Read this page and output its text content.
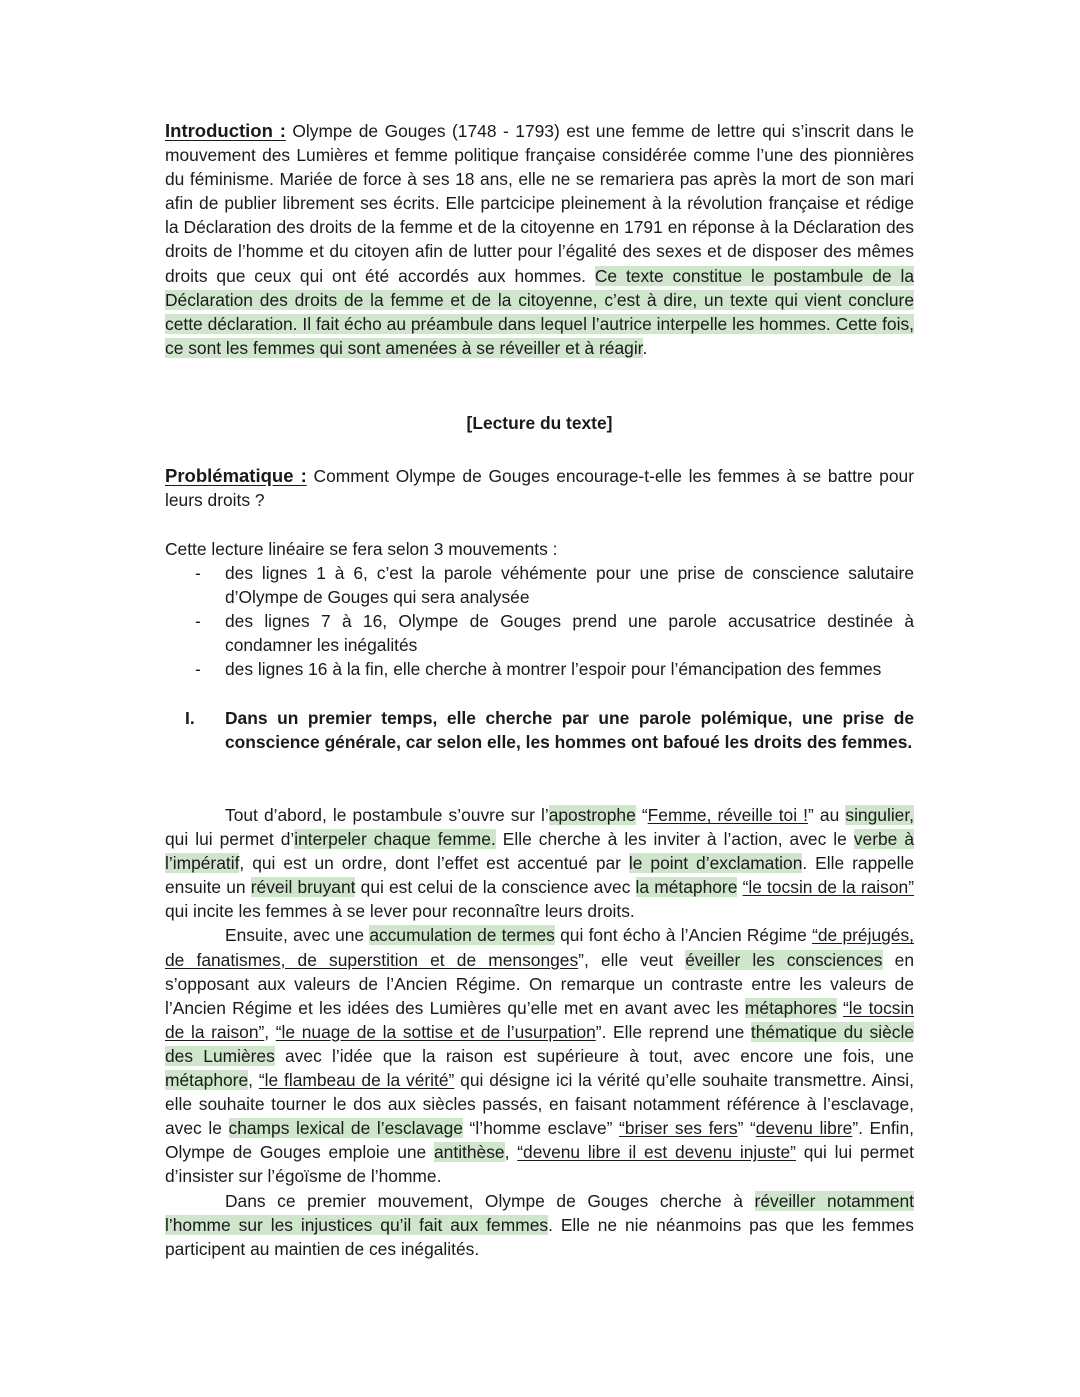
Introduction : Olympe de Gouges (1748 - 1793) est une femme de lettre qui s’inscrit dans le mouvement des Lumières et femme politique française considérée comme l’une des pionnières du féminisme. Mariée de force à ses 18 ans, elle ne se remariera pas après la mort de son mari afin de publier librement ses écrits. Elle partcicipe pleinement à la révolution française et rédige la Déclaration des droits de la femme et de la citoyenne en 1791 en réponse à la Déclaration des droits de l’homme et du citoyen afin de lutter pour l’égalité des sexes et de disposer des mêmes droits que ceux qui ont été accordés aux hommes. Ce texte constitue le postambule de la Déclaration des droits de la femme et de la citoyenne, c’est à dire, un texte qui vient conclure cette déclaration. Il fait écho au préambule dans lequel l’autrice interpelle les hommes. Cette fois, ce sont les femmes qui sont amenées à se réveiller et à réagir.

[Lecture du texte]

Problématique : Comment Olympe de Gouges encourage-t-elle les femmes à se battre pour leurs droits ?

Cette lecture linéaire se fera selon 3 mouvements :

- des lignes 1 à 6, c’est la parole véhémente pour une prise de conscience salutaire d’Olympe de Gouges qui sera analysée
- des lignes 7 à 16, Olympe de Gouges prend une parole accusatrice destinée à condamner les inégalités
- des lignes 16 à la fin, elle cherche à montrer l’espoir pour l’émancipation des femmes
I. Dans un premier temps, elle cherche par une parole polémique, une prise de conscience générale, car selon elle, les hommes ont bafoué les droits des femmes.

Tout d’abord, le postambule s’ouvre sur l’apostrophe “Femme, réveille toi !” au singulier, qui lui permet d’interpeler chaque femme. Elle cherche à les inviter à l’action, avec le verbe à l’impératif, qui est un ordre, dont l’effet est accentué par le point d’exclamation. Elle rappelle ensuite un réveil bruyant qui est celui de la conscience avec la métaphore “le tocsin de la raison” qui incite les femmes à se lever pour reconnaître leurs droits.

Ensuite, avec une accumulation de termes qui font écho à l’Ancien Régime “de préjugés, de fanatismes, de superstition et de mensonges”, elle veut éveiller les consciences en s’opposant aux valeurs de l’Ancien Régime. On remarque un contraste entre les valeurs de l’Ancien Régime et les idées des Lumières qu’elle met en avant avec les métaphores “le tocsin de la raison”, “le nuage de la sottise et de l’usurpation”. Elle reprend une thématique du siècle des Lumières avec l’idée que la raison est supérieure à tout, avec encore une fois, une métaphore, “le flambeau de la vérité” qui désigne ici la vérité qu’elle souhaite transmettre. Ainsi, elle souhaite tourner le dos aux siècles passés, en faisant notamment référence à l’esclavage, avec le champs lexical de l’esclavage “l’homme esclave” “briser ses fers” “devenu libre”. Enfin, Olympe de Gouges emploie une antithèse, “devenu libre il est devenu injuste” qui lui permet d’insister sur l’égoïsme de l’homme.

Dans ce premier mouvement, Olympe de Gouges cherche à réveiller notamment l’homme sur les injustices qu’il fait aux femmes. Elle ne nie néanmoins pas que les femmes participent au maintien de ces inégalités.
